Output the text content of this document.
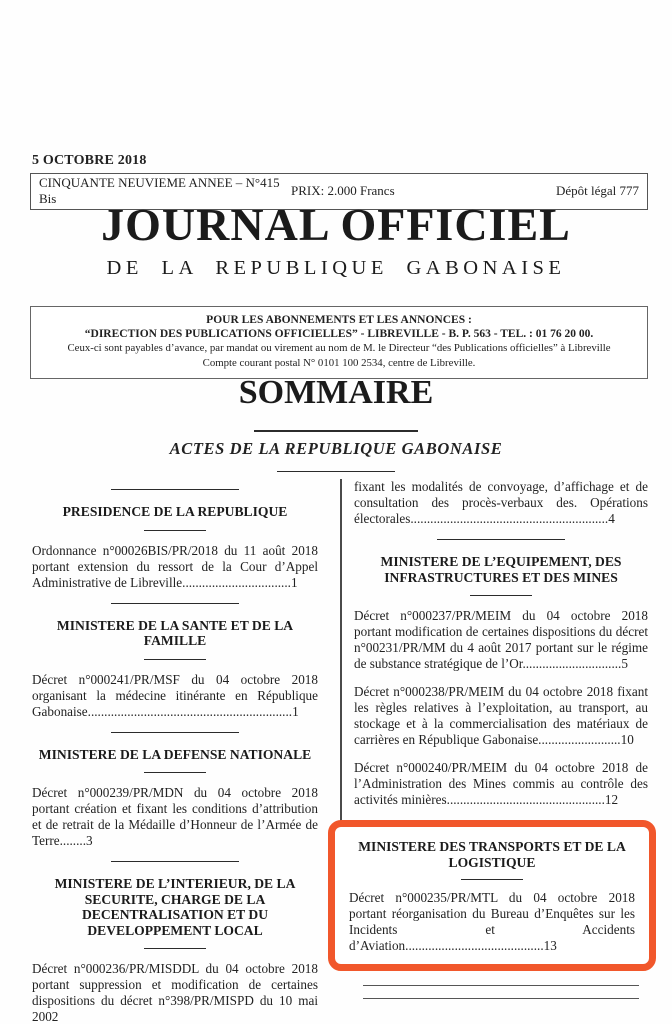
5 OCTOBRE 2018
CINQUANTE NEUVIEME ANNEE – N°415 Bis
PRIX: 2.000 Francs	Dépôt légal 777
JOURNAL OFFICIEL
DE LA REPUBLIQUE GABONAISE
POUR LES ABONNEMENTS ET LES ANNONCES :
“DIRECTION DES PUBLICATIONS OFFICIELLES” - LIBREVILLE - B. P. 563 - TEL. : 01 76 20 00.
Ceux-ci sont payables d’avance, par mandat ou virement au nom de M. le Directeur “des Publications officielles” à Libreville
Compte courant postal N° 0101 100 2534, centre de Libreville.
SOMMAIRE
ACTES DE LA REPUBLIQUE GABONAISE
PRESIDENCE DE LA REPUBLIQUE

Ordonnance n°00026BIS/PR/2018 du 11 août 2018 portant extension du ressort de la Cour d’Appel Administrative de Libreville.................................1

MINISTERE DE LA SANTE ET DE LA FAMILLE

Décret n°000241/PR/MSF du 04 octobre 2018 organisant la médecine itinérante en République Gabonaise..............................................................1

MINISTERE DE LA DEFENSE NATIONALE

Décret n°000239/PR/MDN du 04 octobre 2018 portant création et fixant les conditions d’attribution et de retrait de la Médaille d’Honneur de l’Armée de Terre........3

MINISTERE DE L’INTERIEUR, DE LA SECURITE, CHARGE DE LA DECENTRALISATION ET DU DEVELOPPEMENT LOCAL

Décret n°000236/PR/MISDDL du 04 octobre 2018 portant suppression et modification de certaines dispositions du décret n°398/PR/MISPD du 10 mai 2002

fixant les modalités de convoyage, d’affichage et de consultation des procès-verbaux des. Opérations électorales............................................................4

MINISTERE DE L’EQUIPEMENT, DES INFRASTRUCTURES ET DES MINES

Décret n°000237/PR/MEIM du 04 octobre 2018 portant modification de certaines dispositions du décret n°00231/PR/MM du 4 août 2017 portant sur le régime de substance stratégique de l’Or..............................5

Décret n°000238/PR/MEIM du 04 octobre 2018 fixant les règles relatives à l’exploitation, au transport, au stockage et à la commercialisation des matériaux de carrières en République Gabonaise.........................10

Décret n°000240/PR/MEIM du 04 octobre 2018 de l’Administration des Mines commis au contrôle des activités minières................................................12

MINISTERE DES TRANSPORTS ET DE LA LOGISTIQUE

Décret n°000235/PR/MTL du 04 octobre 2018 portant réorganisation du Bureau d’Enquêtes sur les Incidents et Accidents d’Aviation..........................................13
